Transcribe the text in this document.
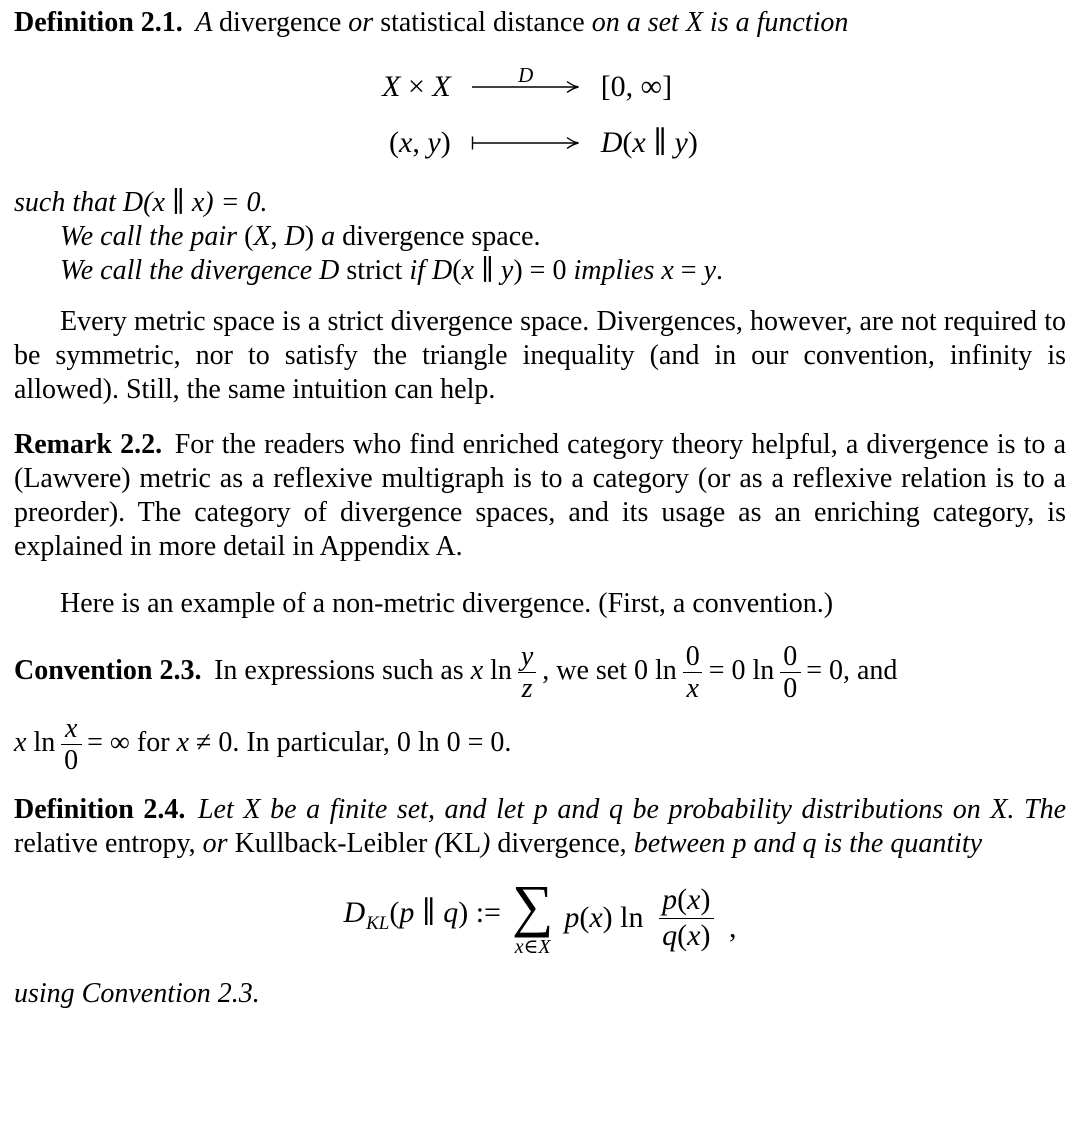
Definition 2.1. A divergence or statistical distance on a set X is a function

X × X	D [0, ∞]
(x, y)	D(x ∥ y)
such that D(x ∥ x) = 0.
We call the pair (X, D) a divergence space.
We call the divergence D strict if D(x ∥ y) = 0 implies x = y.

Every metric space is a strict divergence space. Divergences, however, are not required to be symmetric, nor to satisfy the triangle inequality (and in our convention, infinity is allowed). Still, the same intuition can help.

Remark 2.2. For the readers who find enriched category theory helpful, a divergence is to a (Lawvere) metric as a reflexive multigraph is to a category (or as a reflexive relation is to a preorder). The category of divergence spaces, and its usage as an enriching category, is explained in more detail in Appendix A.

Here is an example of a non-metric divergence. (First, a convention.)

Convention 2.3. In expressions such as x $\ln \frac{y}{z}$ , we set 0 $\ln \frac{0}{x} = 0$ $\ln \frac{0}{0} = 0$, and
x $\ln \frac{x}{0}$ = ∞ for x ≠ 0. In particular, 0 ln 0 = 0.

Definition 2.4. Let X be a finite set, and let p and q be probability distributions on X. The relative entropy, or Kullback-Leibler (KL) divergence, between p and q is the quantity

$D_{KL}(p$ ∥ q) := ∑
x∈X
p(x) $\ln \frac{p(x)}{q(x)}$ ,

using Convention 2.3.
